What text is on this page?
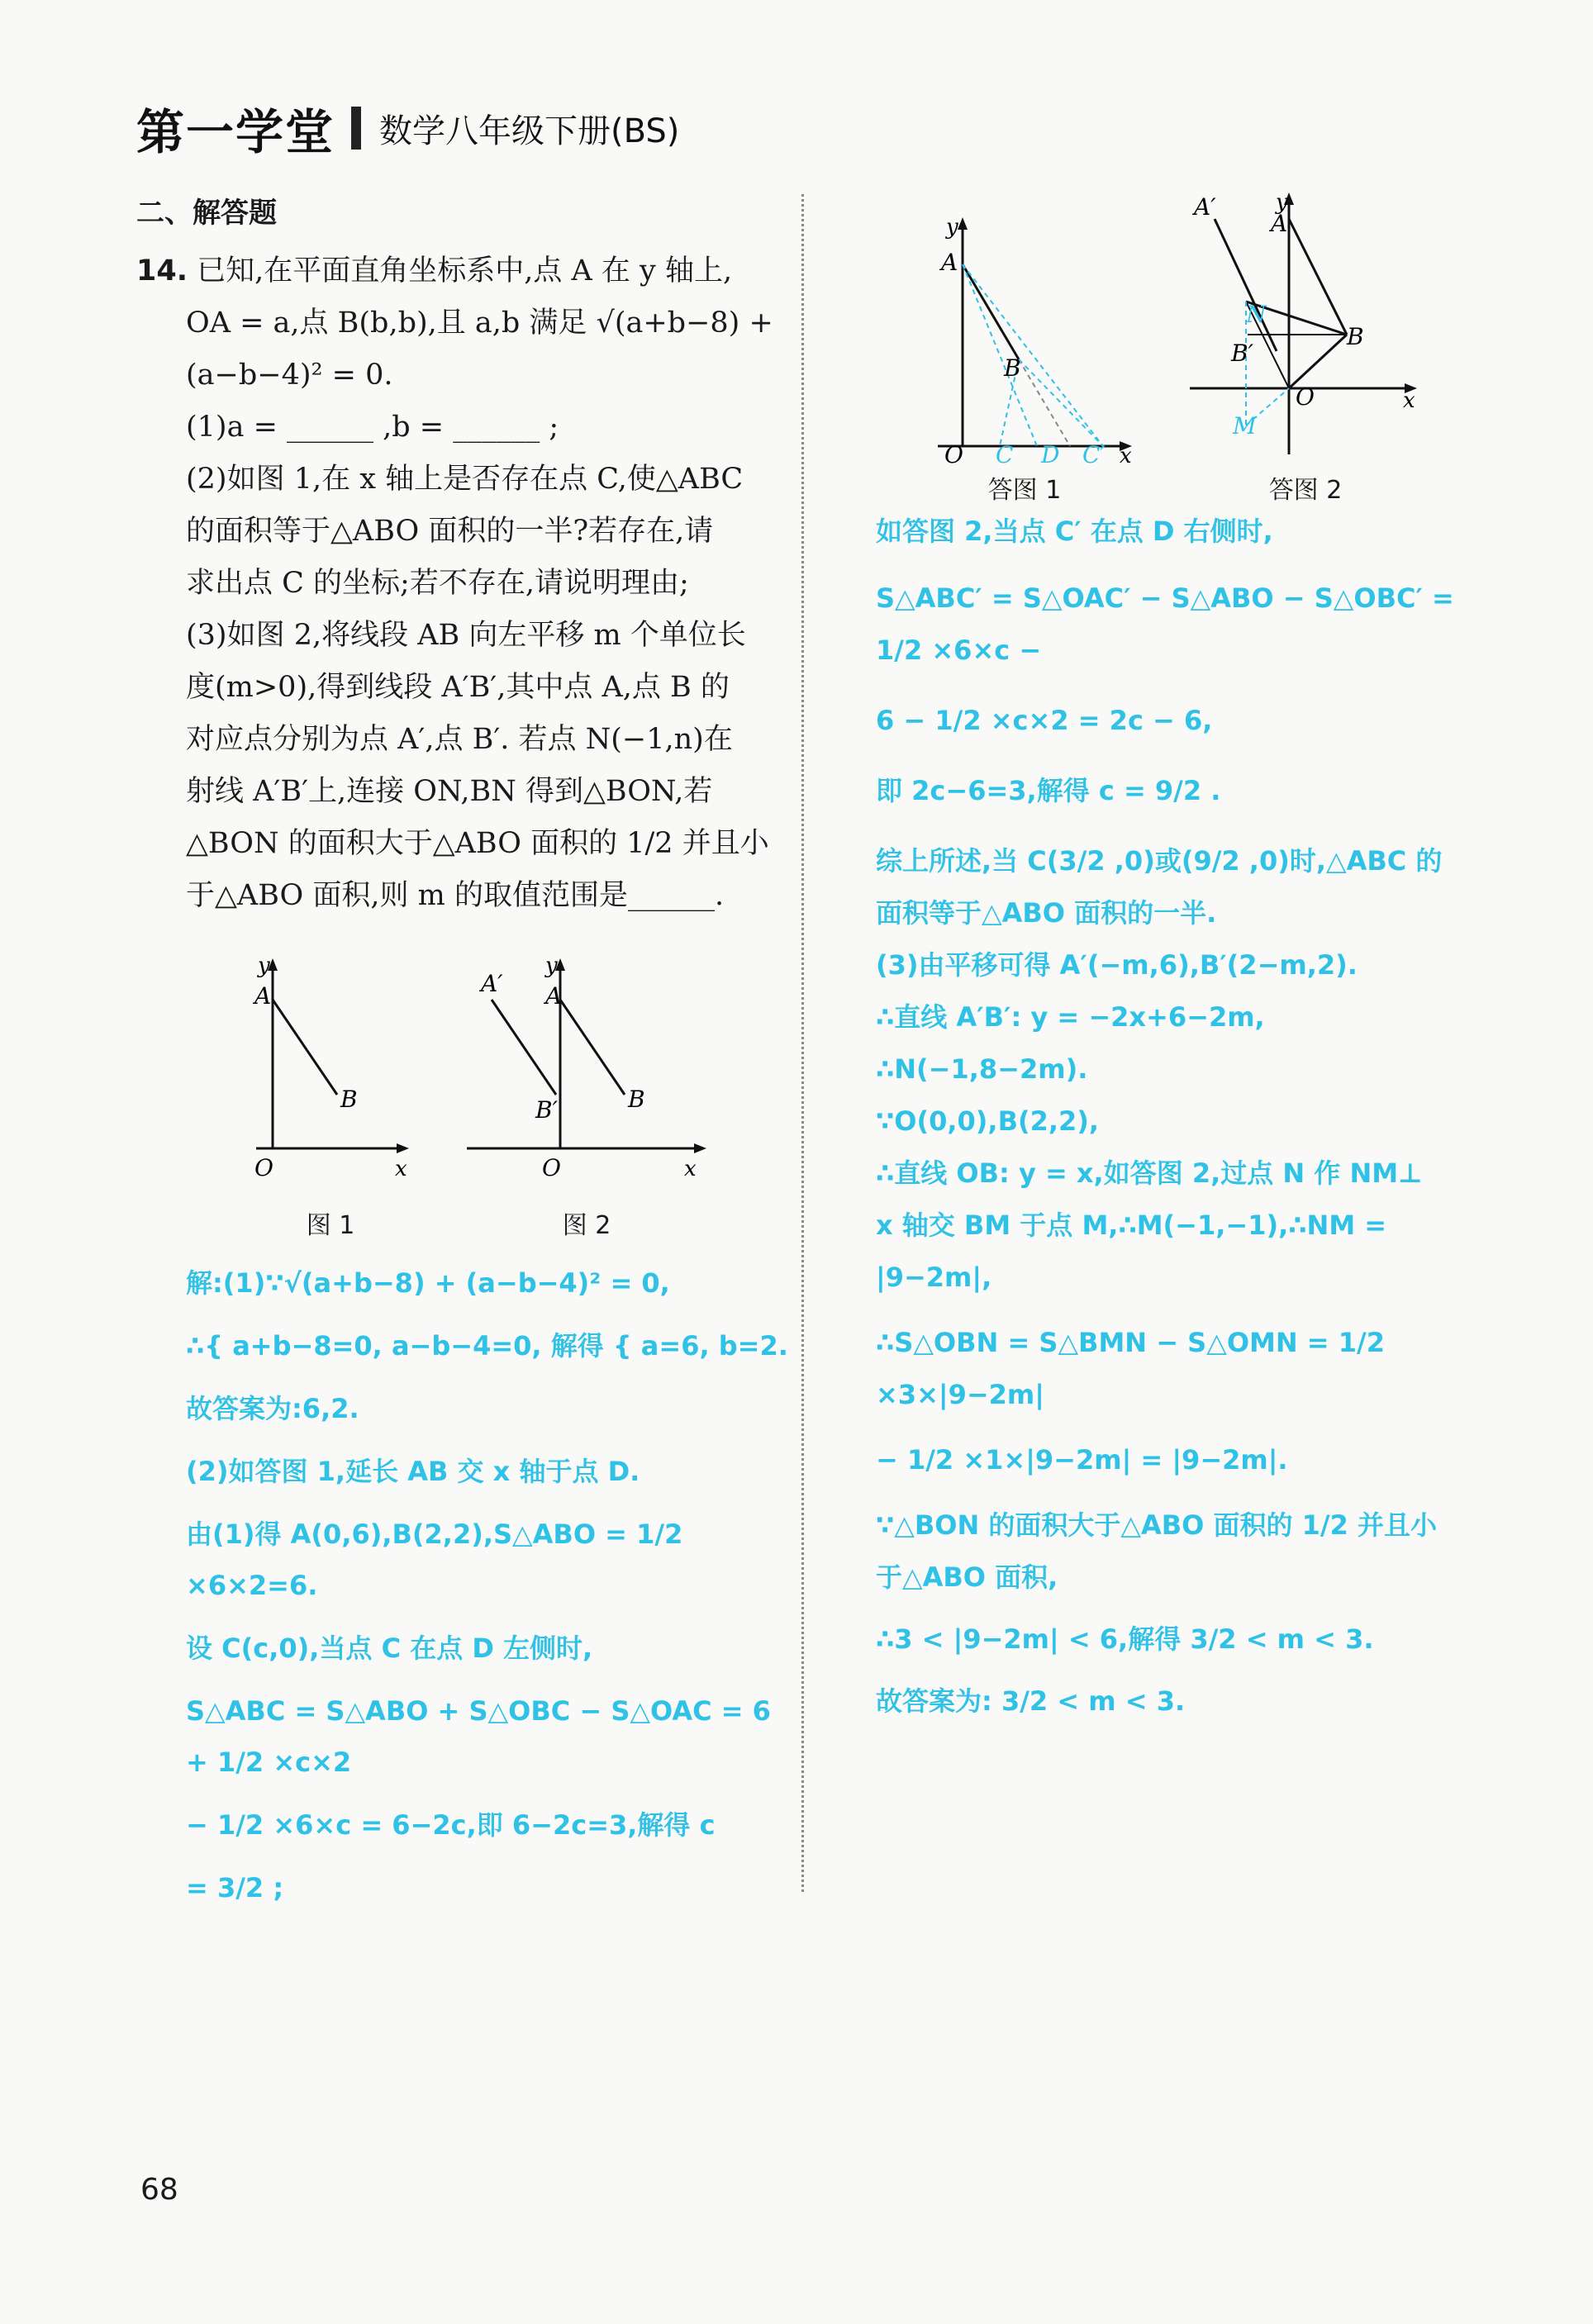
第一学堂 数学八年级下册(BS)
二、解答题

14. 已知,在平面直角坐标系中,点 A 在 y 轴上,

OA = a,点 B(b,b),且 a,b 满足 √(a+b−8) +

(a−b−4)² = 0.

(1)a = ______ ,b = ______ ;

(2)如图 1,在 x 轴上是否存在点 C,使△ABC

的面积等于△ABO 面积的一半?若存在,请

求出点 C 的坐标;若不存在,请说明理由;

(3)如图 2,将线段 AB 向左平移 m 个单位长

度(m>0),得到线段 A′B′,其中点 A,点 B 的

对应点分别为点 A′,点 B′. 若点 N(−1,n)在

射线 A′B′上,连接 ON,BN 得到△BON,若

△BON 的面积大于△ABO 面积的 1/2 并且小

于△ABO 面积,则 m 的取值范围是______.

y
A
B
O	x
图 1
y
A
A′
B
B′
O	x
图 2

解:(1)∵√(a+b−8) + (a−b−4)² = 0,

∴{ a+b−8=0, a−b−4=0, 解得 { a=6, b=2.

故答案为:6,2.

(2)如答图 1,延长 AB 交 x 轴于点 D.

由(1)得 A(0,6),B(2,2),S△ABO = 1/2 ×6×2=6.

设 C(c,0),当点 C 在点 D 左侧时,

S△ABC = S△ABO + S△OBC − S△OAC = 6 + 1/2 ×c×2

− 1/2 ×6×c = 6−2c,即 6−2c=3,解得 c

= 3/2 ;

y
A
B
O C D C′ x
答图 1
y
A
A′
B
B′
N
M
O	x
答图 2

如答图 2,当点 C′ 在点 D 右侧时,

S△ABC′ = S△OAC′ − S△ABO − S△OBC′ = 1/2 ×6×c −

6 − 1/2 ×c×2 = 2c − 6,

即 2c−6=3,解得 c = 9/2 .

综上所述,当 C(3/2 ,0)或(9/2 ,0)时,△ABC 的

面积等于△ABO 面积的一半.

(3)由平移可得 A′(−m,6),B′(2−m,2).

∴直线 A′B′: y = −2x+6−2m,

∴N(−1,8−2m).

∵O(0,0),B(2,2),

∴直线 OB: y = x,如答图 2,过点 N 作 NM⊥

x 轴交 BM 于点 M,∴M(−1,−1),∴NM =

|9−2m|,

∴S△OBN = S△BMN − S△OMN = 1/2 ×3×|9−2m|

− 1/2 ×1×|9−2m| = |9−2m|.

∵△BON 的面积大于△ABO 面积的 1/2 并且小

于△ABO 面积,

∴3 < |9−2m| < 6,解得 3/2 < m < 3.

故答案为: 3/2 < m < 3.

68
